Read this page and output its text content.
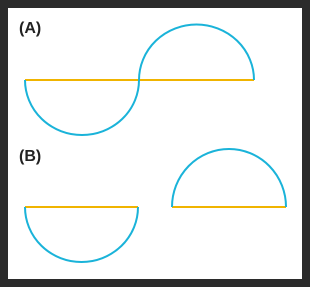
(A)
(B)
